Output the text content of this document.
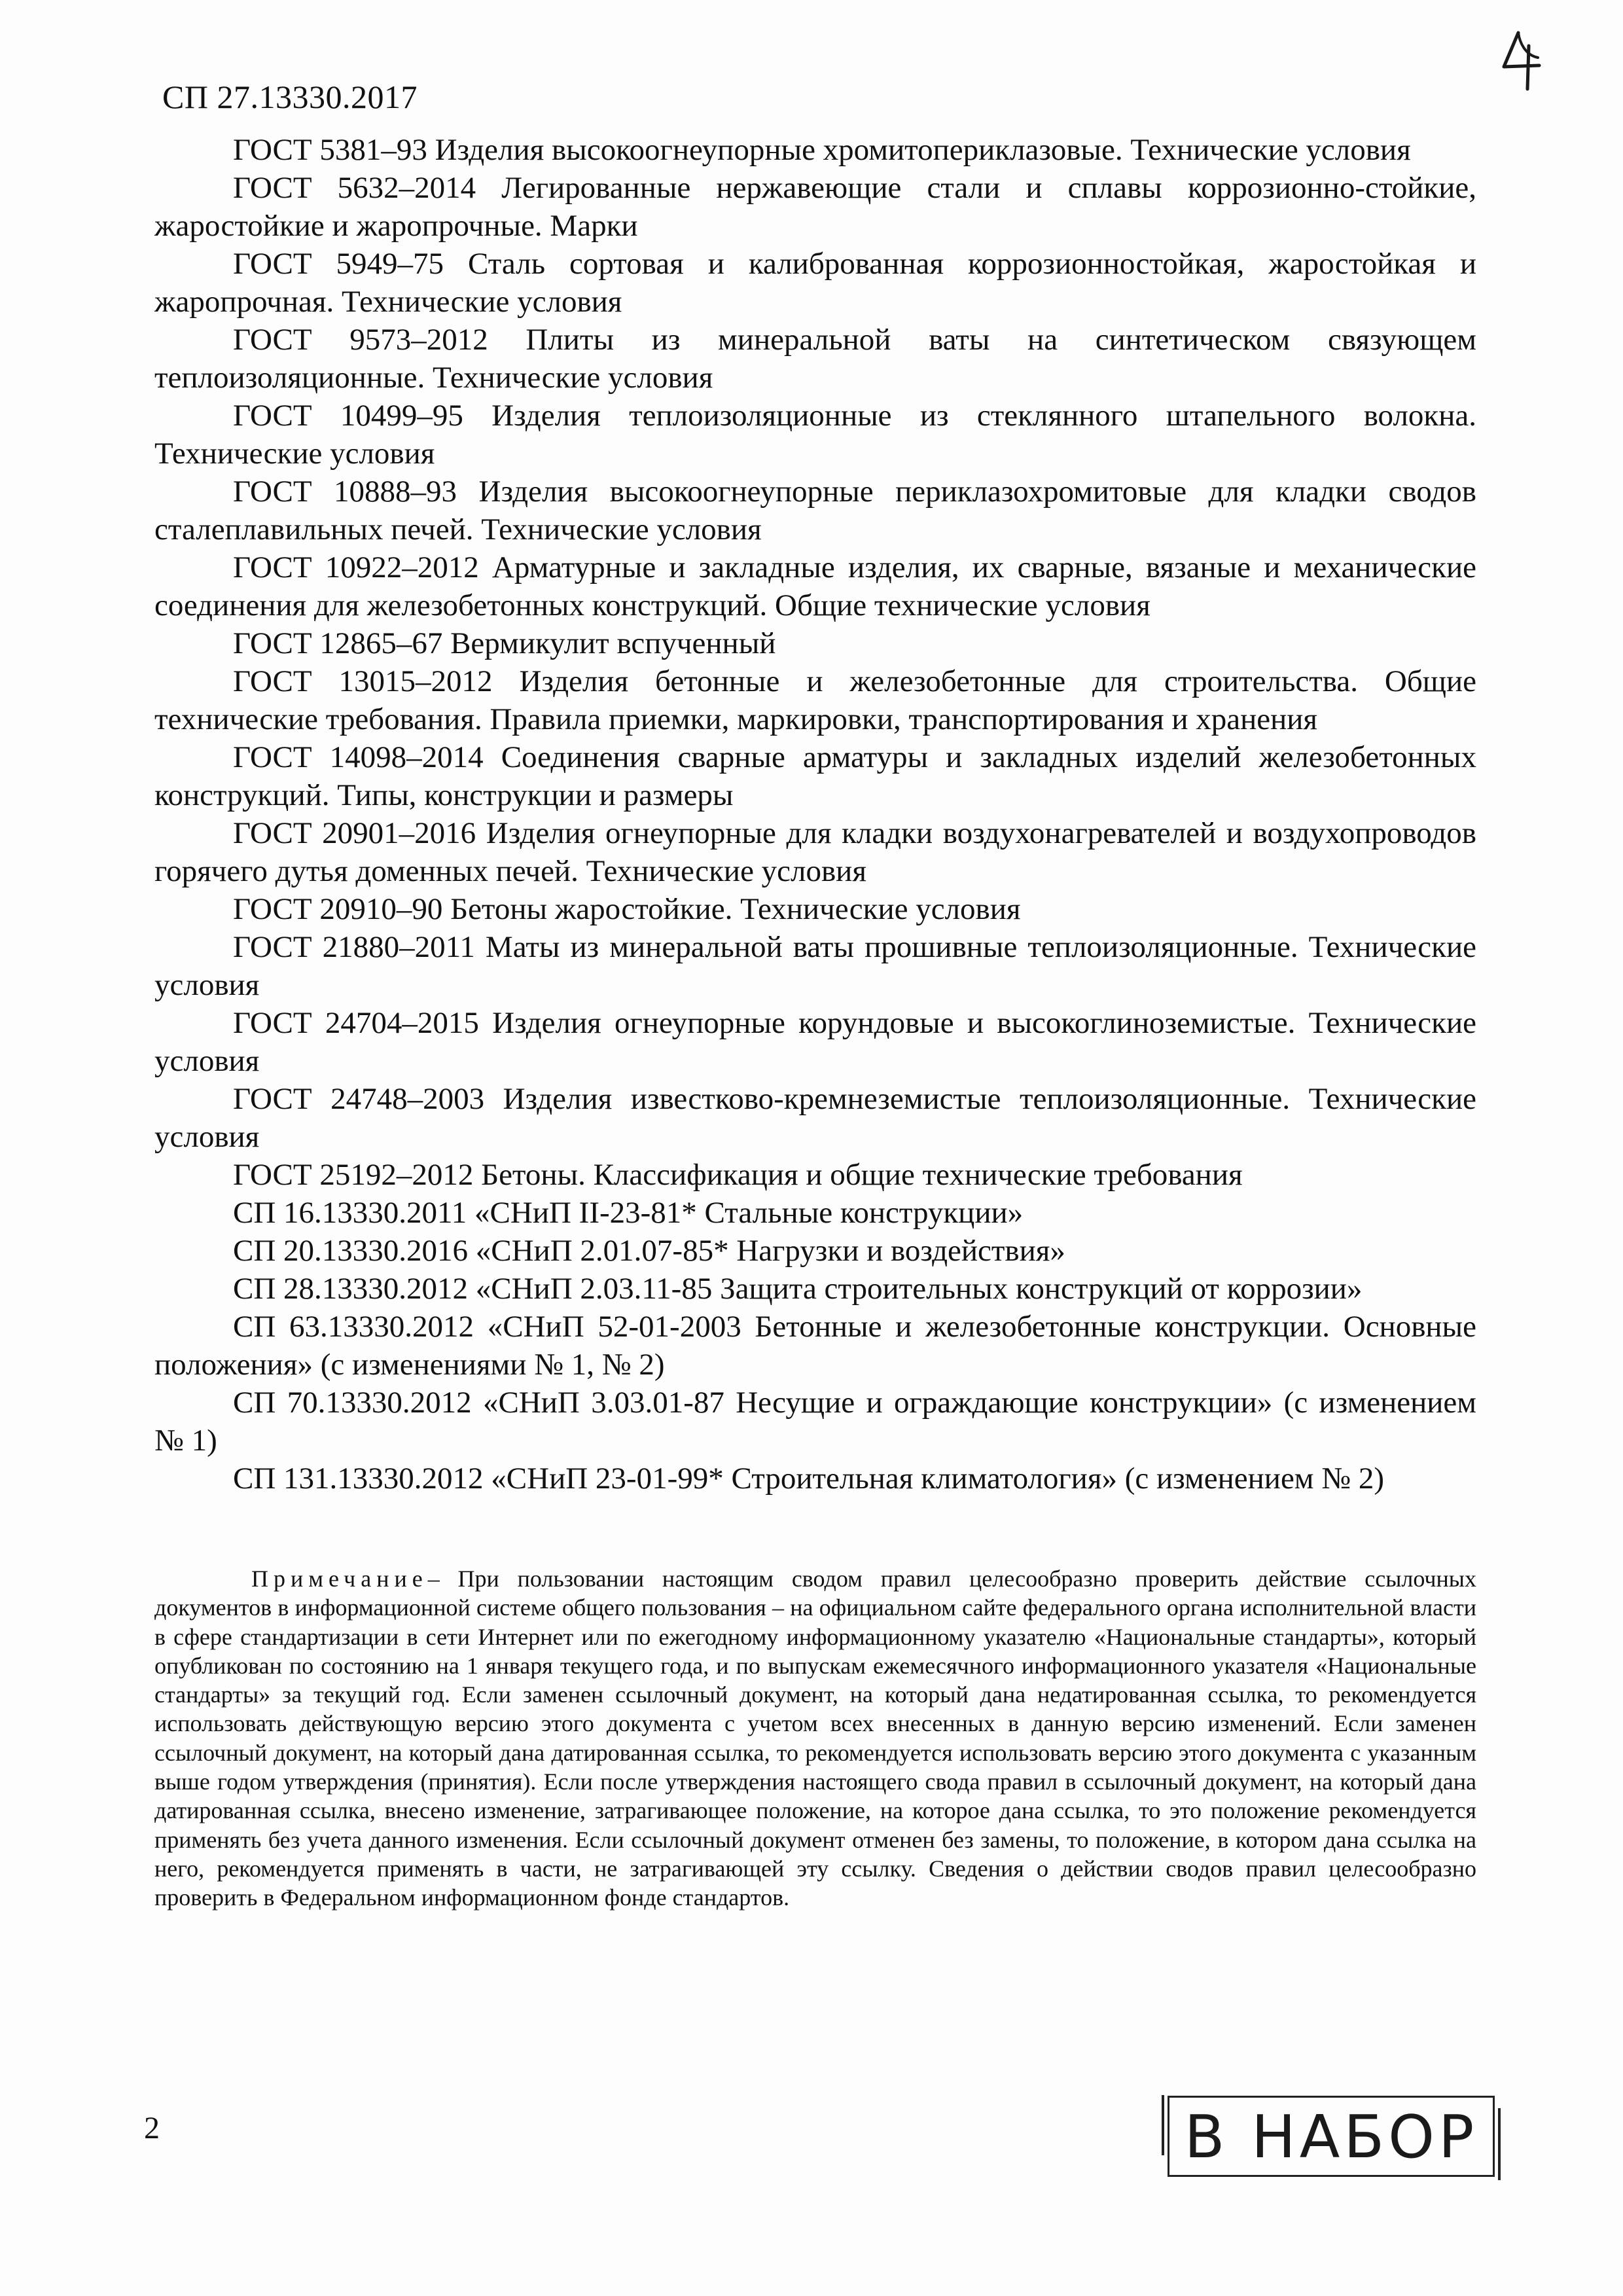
СП 27.13330.2017

ГОСТ 5381–93 Изделия высокоогнеупорные хромитопериклазовые. Технические условия

ГОСТ 5632–2014 Легированные нержавеющие стали и сплавы коррозионно-стойкие, жаростойкие и жаропрочные. Марки

ГОСТ 5949–75 Сталь сортовая и калиброванная коррозионностойкая, жаростойкая и жаропрочная. Технические условия

ГОСТ 9573–2012 Плиты из минеральной ваты на синтетическом связующем теплоизоляционные. Технические условия

ГОСТ 10499–95 Изделия теплоизоляционные из стеклянного штапельного волокна. Технические условия

ГОСТ 10888–93 Изделия высокоогнеупорные периклазохромитовые для кладки сводов сталеплавильных печей. Технические условия

ГОСТ 10922–2012 Арматурные и закладные изделия, их сварные, вязаные и механические соединения для железобетонных конструкций. Общие технические условия

ГОСТ 12865–67 Вермикулит вспученный

ГОСТ 13015–2012 Изделия бетонные и железобетонные для строительства. Общие технические требования. Правила приемки, маркировки, транспортирования и хранения

ГОСТ 14098–2014 Соединения сварные арматуры и закладных изделий железобетонных конструкций. Типы, конструкции и размеры

ГОСТ 20901–2016 Изделия огнеупорные для кладки воздухонагревателей и воздухопроводов горячего дутья доменных печей. Технические условия

ГОСТ 20910–90 Бетоны жаростойкие. Технические условия

ГОСТ 21880–2011 Маты из минеральной ваты прошивные теплоизоляционные. Технические условия

ГОСТ 24704–2015 Изделия огнеупорные корундовые и высокоглиноземистые. Технические условия

ГОСТ 24748–2003 Изделия известково-кремнеземистые теплоизоляционные. Технические условия

ГОСТ 25192–2012 Бетоны. Классификация и общие технические требования

СП 16.13330.2011 «СНиП II-23-81* Стальные конструкции»

СП 20.13330.2016 «СНиП 2.01.07-85* Нагрузки и воздействия»

СП 28.13330.2012 «СНиП 2.03.11-85 Защита строительных конструкций от коррозии»

СП 63.13330.2012 «СНиП 52-01-2003 Бетонные и железобетонные конструкции. Основные положения» (с изменениями № 1, № 2)

СП 70.13330.2012 «СНиП 3.03.01-87 Несущие и ограждающие конструкции» (с изменением № 1)

СП 131.13330.2012 «СНиП 23-01-99* Строительная климатология» (с изменением № 2)

Примечание– При пользовании настоящим сводом правил целесообразно проверить действие ссылочных документов в информационной системе общего пользования – на официальном сайте федерального органа исполнительной власти в сфере стандартизации в сети Интернет или по ежегодному информационному указателю «Национальные стандарты», который опубликован по состоянию на 1 января текущего года, и по выпускам ежемесячного информационного указателя «Национальные стандарты» за текущий год. Если заменен ссылочный документ, на который дана недатированная ссылка, то рекомендуется использовать действующую версию этого документа с учетом всех внесенных в данную версию изменений. Если заменен ссылочный документ, на который дана датированная ссылка, то рекомендуется использовать версию этого документа с указанным выше годом утверждения (принятия). Если после утверждения настоящего свода правил в ссылочный документ, на который дана датированная ссылка, внесено изменение, затрагивающее положение, на которое дана ссылка, то это положение рекомендуется применять без учета данного изменения. Если ссылочный документ отменен без замены, то положение, в котором дана ссылка на него, рекомендуется применять в части, не затрагивающей эту ссылку. Сведения о действии сводов правил целесообразно проверить в Федеральном информационном фонде стандартов.
2	В НАБОР
